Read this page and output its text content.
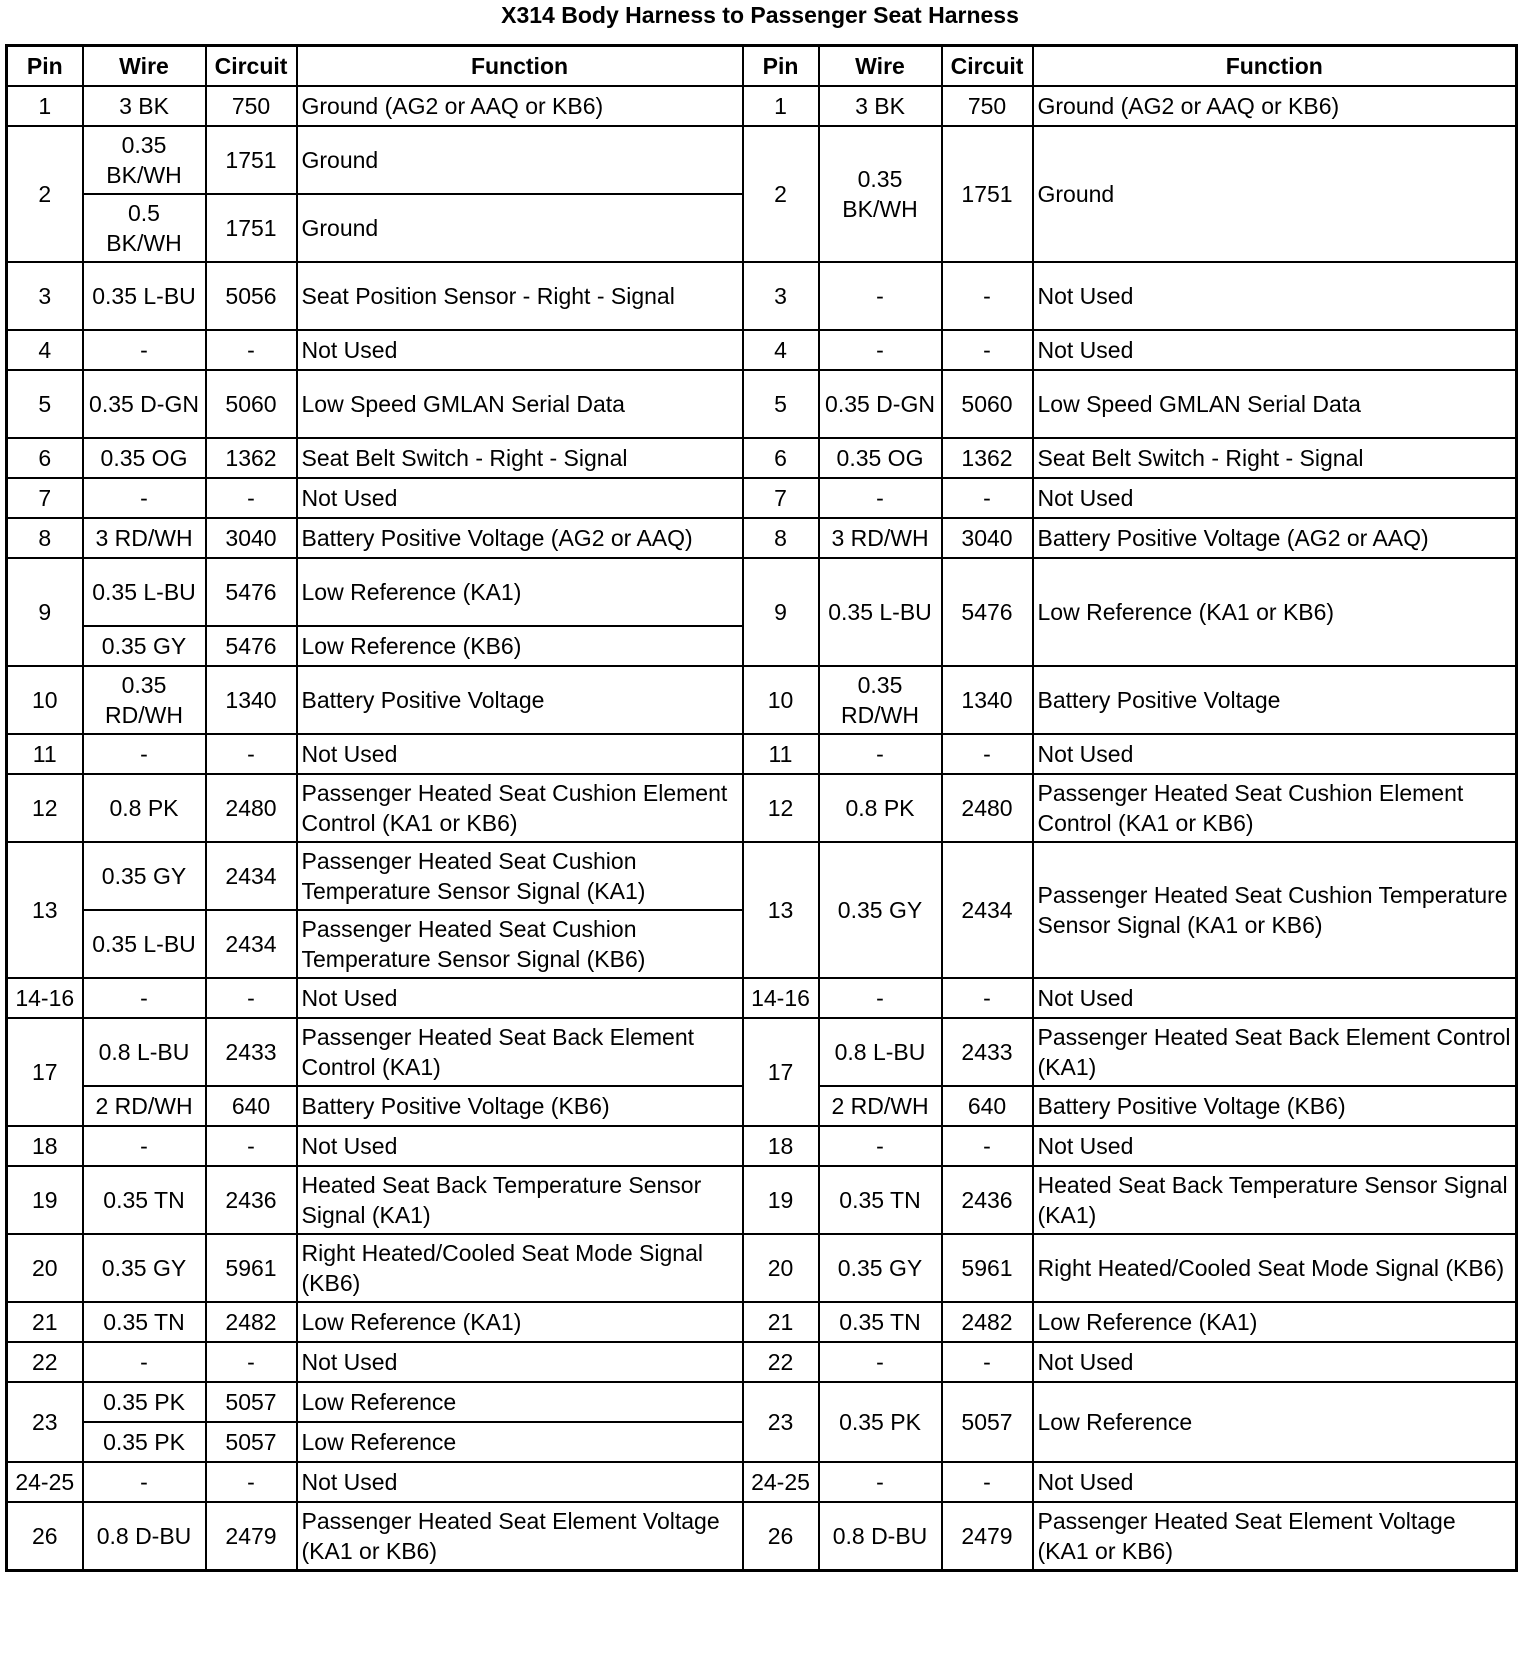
X314 Body Harness to Passenger Seat Harness
Pin	Wire	Circuit	Function	Pin	Wire	Circuit	Function
1	3 BK	750	Ground (AG2 or AAQ or KB6)	1	3 BK	750	Ground (AG2 or AAQ or KB6)
2	0.35 BK/WH	1751	Ground	2	0.35 BK/WH	1751	Ground
	0.5 BK/WH	1751	Ground				
3	0.35 L-BU	5056	Seat Position Sensor - Right - Signal	3	-	-	Not Used
4	-	-	Not Used	4	-	-	Not Used
5	0.35 D-GN	5060	Low Speed GMLAN Serial Data	5	0.35 D-GN	5060	Low Speed GMLAN Serial Data
6	0.35 OG	1362	Seat Belt Switch - Right - Signal	6	0.35 OG	1362	Seat Belt Switch - Right - Signal
7	-	-	Not Used	7	-	-	Not Used
8	3 RD/WH	3040	Battery Positive Voltage (AG2 or AAQ)	8	3 RD/WH	3040	Battery Positive Voltage (AG2 or AAQ)
9	0.35 L-BU	5476	Low Reference (KA1)	9	0.35 L-BU	5476	Low Reference (KA1 or KB6)
	0.35 GY	5476	Low Reference (KB6)				
10	0.35 RD/WH	1340	Battery Positive Voltage	10	0.35 RD/WH	1340	Battery Positive Voltage
11	-	-	Not Used	11	-	-	Not Used
12	0.8 PK	2480	Passenger Heated Seat Cushion Element Control (KA1 or KB6)	12	0.8 PK	2480	Passenger Heated Seat Cushion Element Control (KA1 or KB6)
13	0.35 GY	2434	Passenger Heated Seat Cushion Temperature Sensor Signal (KA1)	13	0.35 GY	2434	Passenger Heated Seat Cushion Temperature Sensor Signal (KA1 or KB6)
	0.35 L-BU	2434	Passenger Heated Seat Cushion Temperature Sensor Signal (KB6)				
14-16	-	-	Not Used	14-16	-	-	Not Used
17	0.8 L-BU	2433	Passenger Heated Seat Back Element Control (KA1)	17	0.8 L-BU	2433	Passenger Heated Seat Back Element Control (KA1)
	2 RD/WH	640	Battery Positive Voltage (KB6)		2 RD/WH	640	Battery Positive Voltage (KB6)
18	-	-	Not Used	18	-	-	Not Used
19	0.35 TN	2436	Heated Seat Back Temperature Sensor Signal (KA1)	19	0.35 TN	2436	Heated Seat Back Temperature Sensor Signal (KA1)
20	0.35 GY	5961	Right Heated/Cooled Seat Mode Signal (KB6)	20	0.35 GY	5961	Right Heated/Cooled Seat Mode Signal (KB6)
21	0.35 TN	2482	Low Reference (KA1)	21	0.35 TN	2482	Low Reference (KA1)
22	-	-	Not Used	22	-	-	Not Used
23	0.35 PK	5057	Low Reference	23	0.35 PK	5057	Low Reference
	0.35 PK	5057	Low Reference				
24-25	-	-	Not Used	24-25	-	-	Not Used
26	0.8 D-BU	2479	Passenger Heated Seat Element Voltage (KA1 or KB6)	26	0.8 D-BU	2479	Passenger Heated Seat Element Voltage (KA1 or KB6)
